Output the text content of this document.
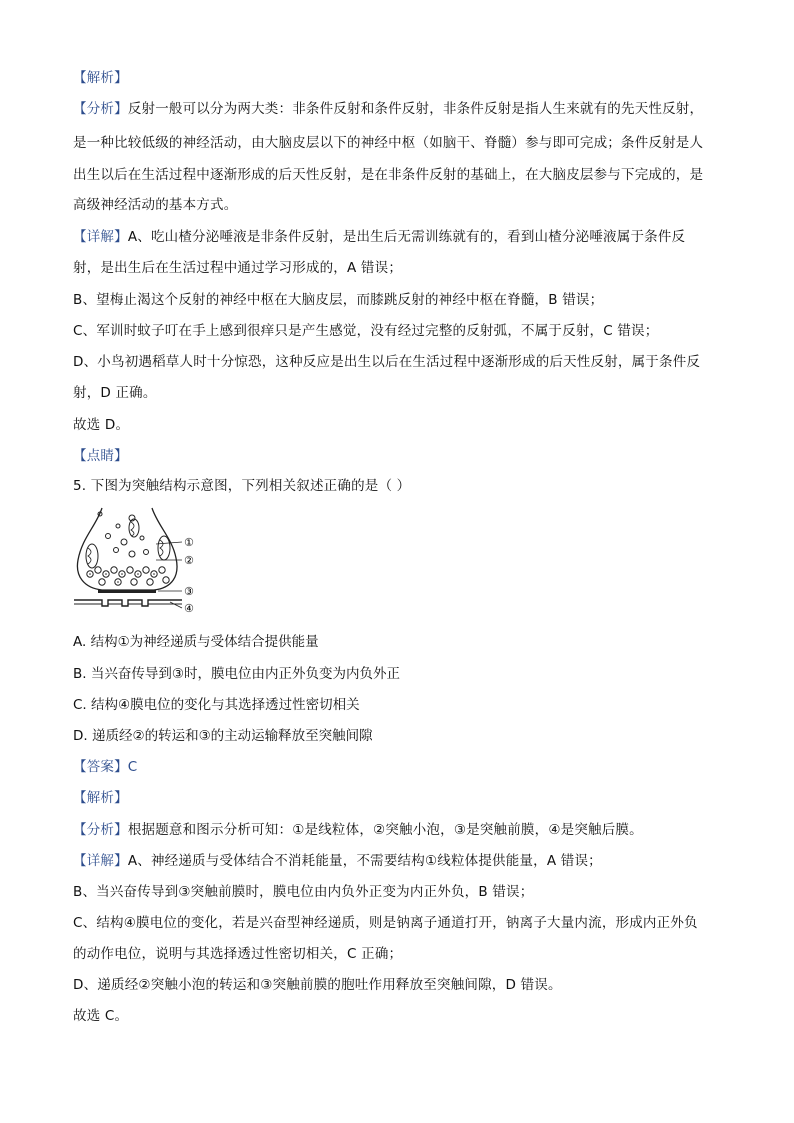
【解析】
【分析】反射一般可以分为两大类：非条件反射和条件反射，非条件反射是指人生来就有的先天性反射，
是一种比较低级的神经活动，由大脑皮层以下的神经中枢（如脑干、脊髓）参与即可完成；条件反射是人
出生以后在生活过程中逐渐形成的后天性反射，是在非条件反射的基础上，在大脑皮层参与下完成的，是
高级神经活动的基本方式。
【详解】A、吃山楂分泌唾液是非条件反射，是出生后无需训练就有的，看到山楂分泌唾液属于条件反
射，是出生后在生活过程中通过学习形成的，A 错误；
B、望梅止渴这个反射的神经中枢在大脑皮层，而膝跳反射的神经中枢在脊髓，B 错误；
C、军训时蚊子叮在手上感到很痒只是产生感觉，没有经过完整的反射弧，不属于反射，C 错误；
D、小鸟初遇稻草人时十分惊恐，这种反应是出生以后在生活过程中逐渐形成的后天性反射，属于条件反
射，D 正确。
故选 D。
【点睛】
5. 下图为突触结构示意图，下列相关叙述正确的是（ ）
①
②
③
④
A. 结构①为神经递质与受体结合提供能量
B. 当兴奋传导到③时，膜电位由内正外负变为内负外正
C. 结构④膜电位的变化与其选择透过性密切相关
D. 递质经②的转运和③的主动运输释放至突触间隙
【答案】C
【解析】
【分析】根据题意和图示分析可知：①是线粒体，②突触小泡，③是突触前膜，④是突触后膜。
【详解】A、神经递质与受体结合不消耗能量，不需要结构①线粒体提供能量，A 错误；
B、当兴奋传导到③突触前膜时，膜电位由内负外正变为内正外负，B 错误；
C、结构④膜电位的变化，若是兴奋型神经递质，则是钠离子通道打开，钠离子大量内流，形成内正外负
的动作电位，说明与其选择透过性密切相关，C 正确；
D、递质经②突触小泡的转运和③突触前膜的胞吐作用释放至突触间隙，D 错误。
故选 C。
